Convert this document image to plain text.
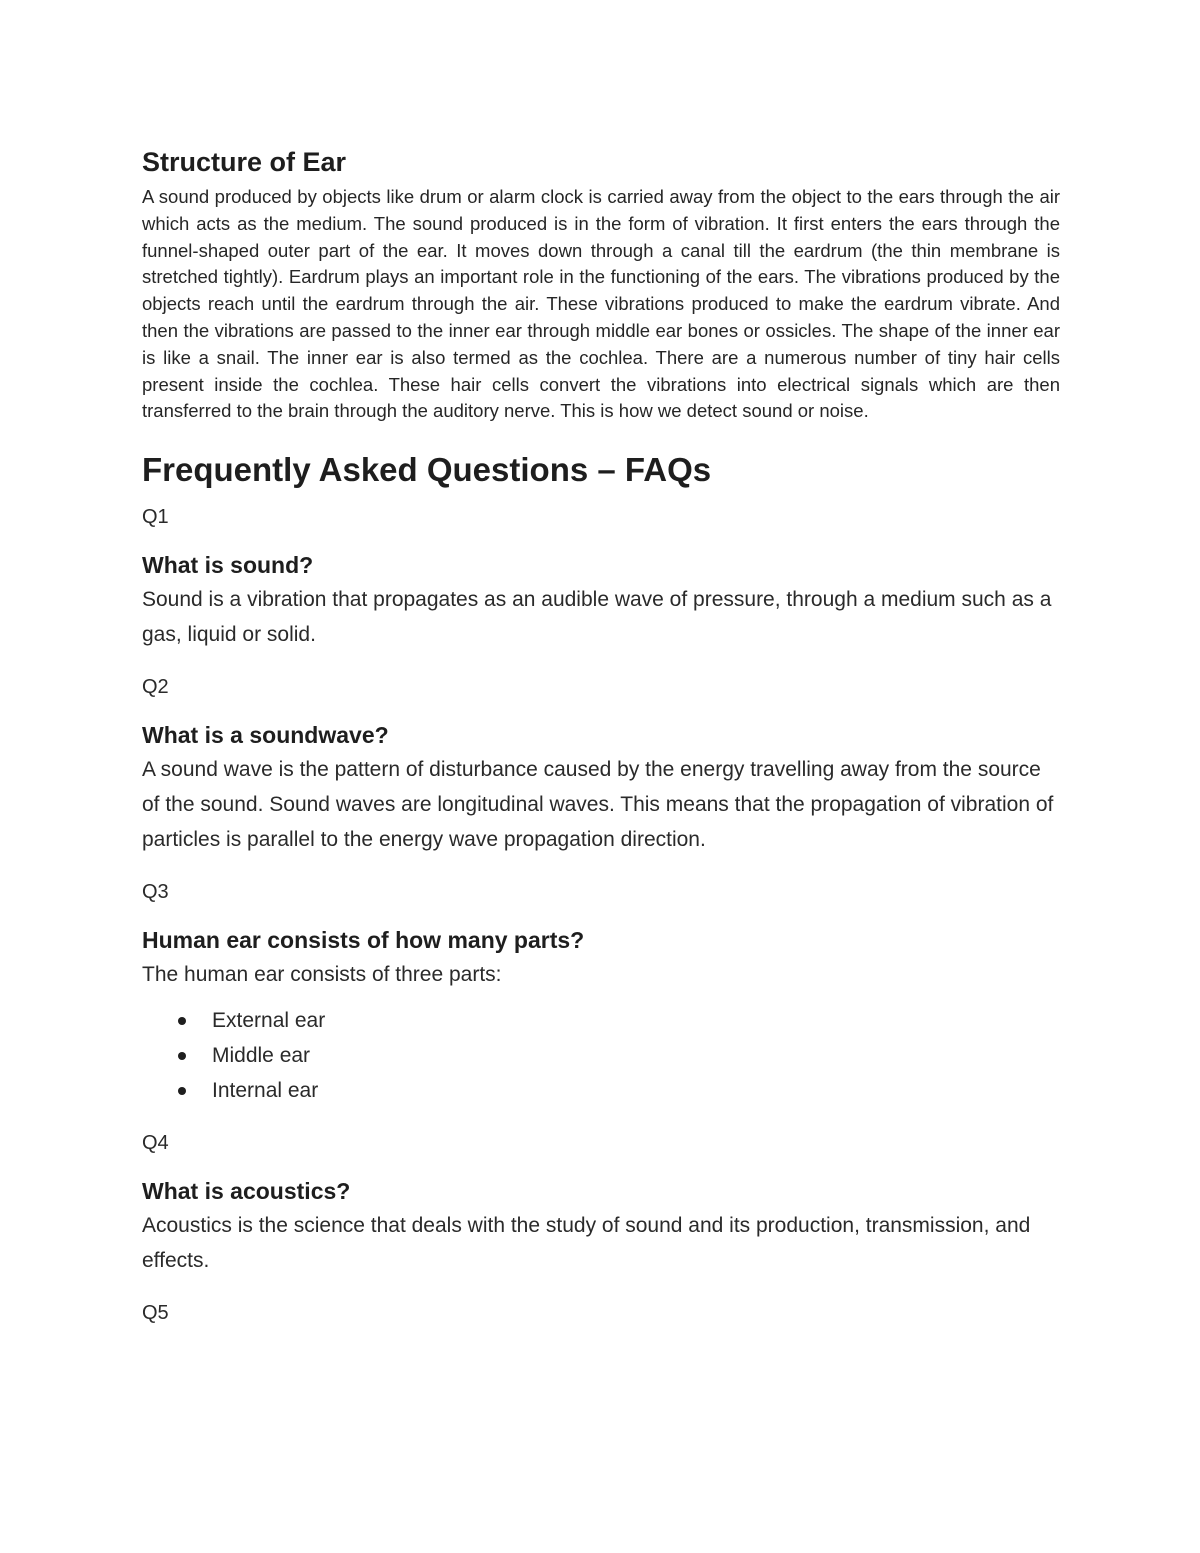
Structure of Ear

A sound produced by objects like drum or alarm clock is carried away from the object to the ears through the air which acts as the medium. The sound produced is in the form of vibration. It first enters the ears through the funnel-shaped outer part of the ear. It moves down through a canal till the eardrum (the thin membrane is stretched tightly). Eardrum plays an important role in the functioning of the ears. The vibrations produced by the objects reach until the eardrum through the air. These vibrations produced to make the eardrum vibrate. And then the vibrations are passed to the inner ear through middle ear bones or ossicles. The shape of the inner ear is like a snail. The inner ear is also termed as the cochlea. There are a numerous number of tiny hair cells present inside the cochlea. These hair cells convert the vibrations into electrical signals which are then transferred to the brain through the auditory nerve. This is how we detect sound or noise.

Frequently Asked Questions – FAQs
Q1
What is sound?

Sound is a vibration that propagates as an audible wave of pressure, through a medium such as a gas, liquid or solid.

Q2
What is a soundwave?

A sound wave is the pattern of disturbance caused by the energy travelling away from the source of the sound. Sound waves are longitudinal waves. This means that the propagation of vibration of particles is parallel to the energy wave propagation direction.

Q3
Human ear consists of how many parts?

The human ear consists of three parts:

External ear
Middle ear
Internal ear
Q4
What is acoustics?

Acoustics is the science that deals with the study of sound and its production, transmission, and effects.

Q5
